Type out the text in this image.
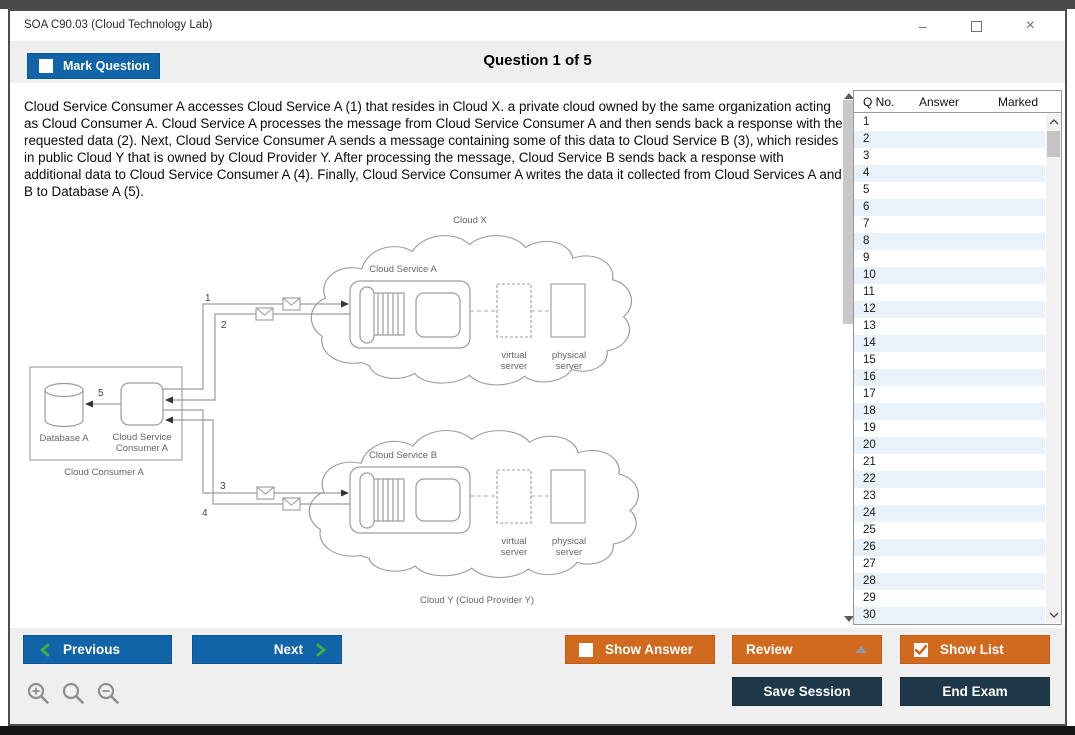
SOA C90.03 (Cloud Technology Lab)	–	×
Mark Question	Question 1 of 5
Cloud Service Consumer A accesses Cloud Service A (1) that resides in Cloud X. a private cloud owned by the same organization acting as Cloud Consumer A. Cloud Service A processes the message from Cloud Service Consumer A and then sends back a response with the requested data (2). Next, Cloud Service Consumer A sends a message containing some of this data to Cloud Service B (3), which resides in public Cloud Y that is owned by Cloud Provider Y. After processing the message, Cloud Service B sends back a response with additional data to Cloud Service Consumer A (4). Finally, Cloud Service Consumer A writes the data it collected from Cloud Services A and B to Database A (5).
Cloud X
Cloud Service A
virtual
server
physical
server
Cloud Service B
virtual
server
physical
server
Cloud Y (Cloud Provider Y)
Database A	Cloud Service
Consumer A
Cloud Consumer A
1
2
3
4
5
Q No.	Answer	Marked
1
2
3
4
5
6
7
8
9
10
11
12
13
14
15
16
17
18
19
20
21
22
23
24
25
26
27
28
29
30
Previous	Next	Show Answer	Review	Show List
Save Session	End Exam
